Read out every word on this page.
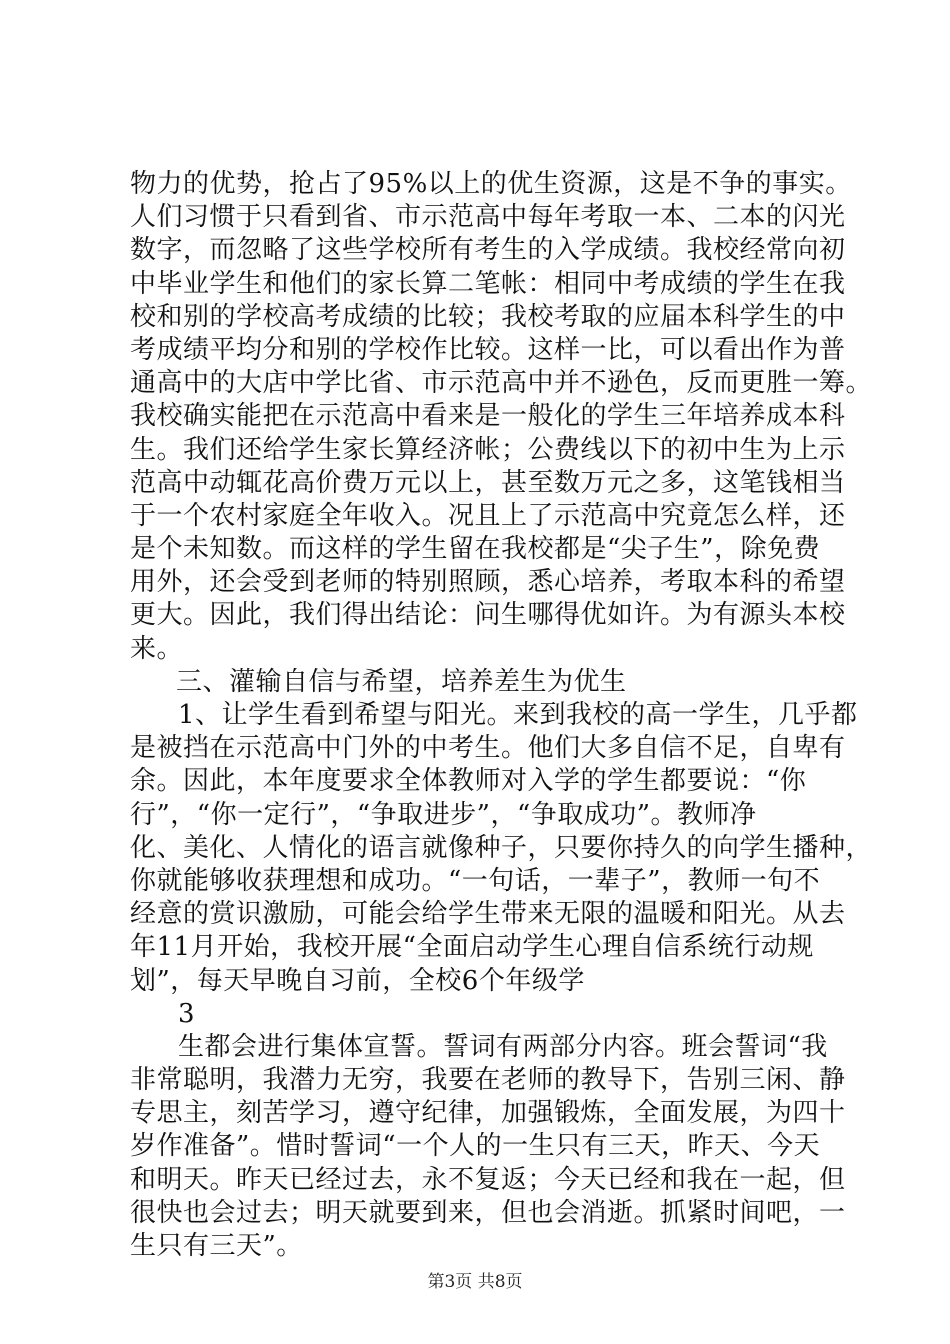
物力的优势，抢占了95%以上的优生资源，这是不争的事实。
人们习惯于只看到省、市示范高中每年考取一本、二本的闪光
数字，而忽略了这些学校所有考生的入学成绩。我校经常向初
中毕业学生和他们的家长算二笔帐：相同中考成绩的学生在我
校和别的学校高考成绩的比较；我校考取的应届本科学生的中
考成绩平均分和别的学校作比较。这样一比，可以看出作为普
通高中的大店中学比省、市示范高中并不逊色，反而更胜一筹。
我校确实能把在示范高中看来是一般化的学生三年培养成本科
生。我们还给学生家长算经济帐；公费线以下的初中生为上示
范高中动辄花高价费万元以上，甚至数万元之多，这笔钱相当
于一个农村家庭全年收入。况且上了示范高中究竟怎么样，还
是个未知数。而这样的学生留在我校都是“尖子生”，除免费
用外，还会受到老师的特别照顾，悉心培养，考取本科的希望
更大。因此，我们得出结论：问生哪得优如许。为有源头本校
来。
三、灌输自信与希望，培养差生为优生
1、让学生看到希望与阳光。来到我校的高一学生，几乎都
是被挡在示范高中门外的中考生。他们大多自信不足，自卑有
余。因此，本年度要求全体教师对入学的学生都要说：“你
行”，“你一定行”，“争取进步”，“争取成功”。教师净
化、美化、人情化的语言就像种子，只要你持久的向学生播种，
你就能够收获理想和成功。“一句话，一辈子”，教师一句不
经意的赏识激励，可能会给学生带来无限的温暖和阳光。从去
年11月开始，我校开展“全面启动学生心理自信系统行动规
划”，每天早晚自习前，全校6个年级学
3
生都会进行集体宣誓。誓词有两部分内容。班会誓词“我
非常聪明，我潜力无穷，我要在老师的教导下，告别三闲、静
专思主，刻苦学习，遵守纪律，加强锻炼，全面发展，为四十
岁作准备”。惜时誓词“一个人的一生只有三天，昨天、今天
和明天。昨天已经过去，永不复返；今天已经和我在一起，但
很快也会过去；明天就要到来，但也会消逝。抓紧时间吧，一
生只有三天”。
第3页 共8页
